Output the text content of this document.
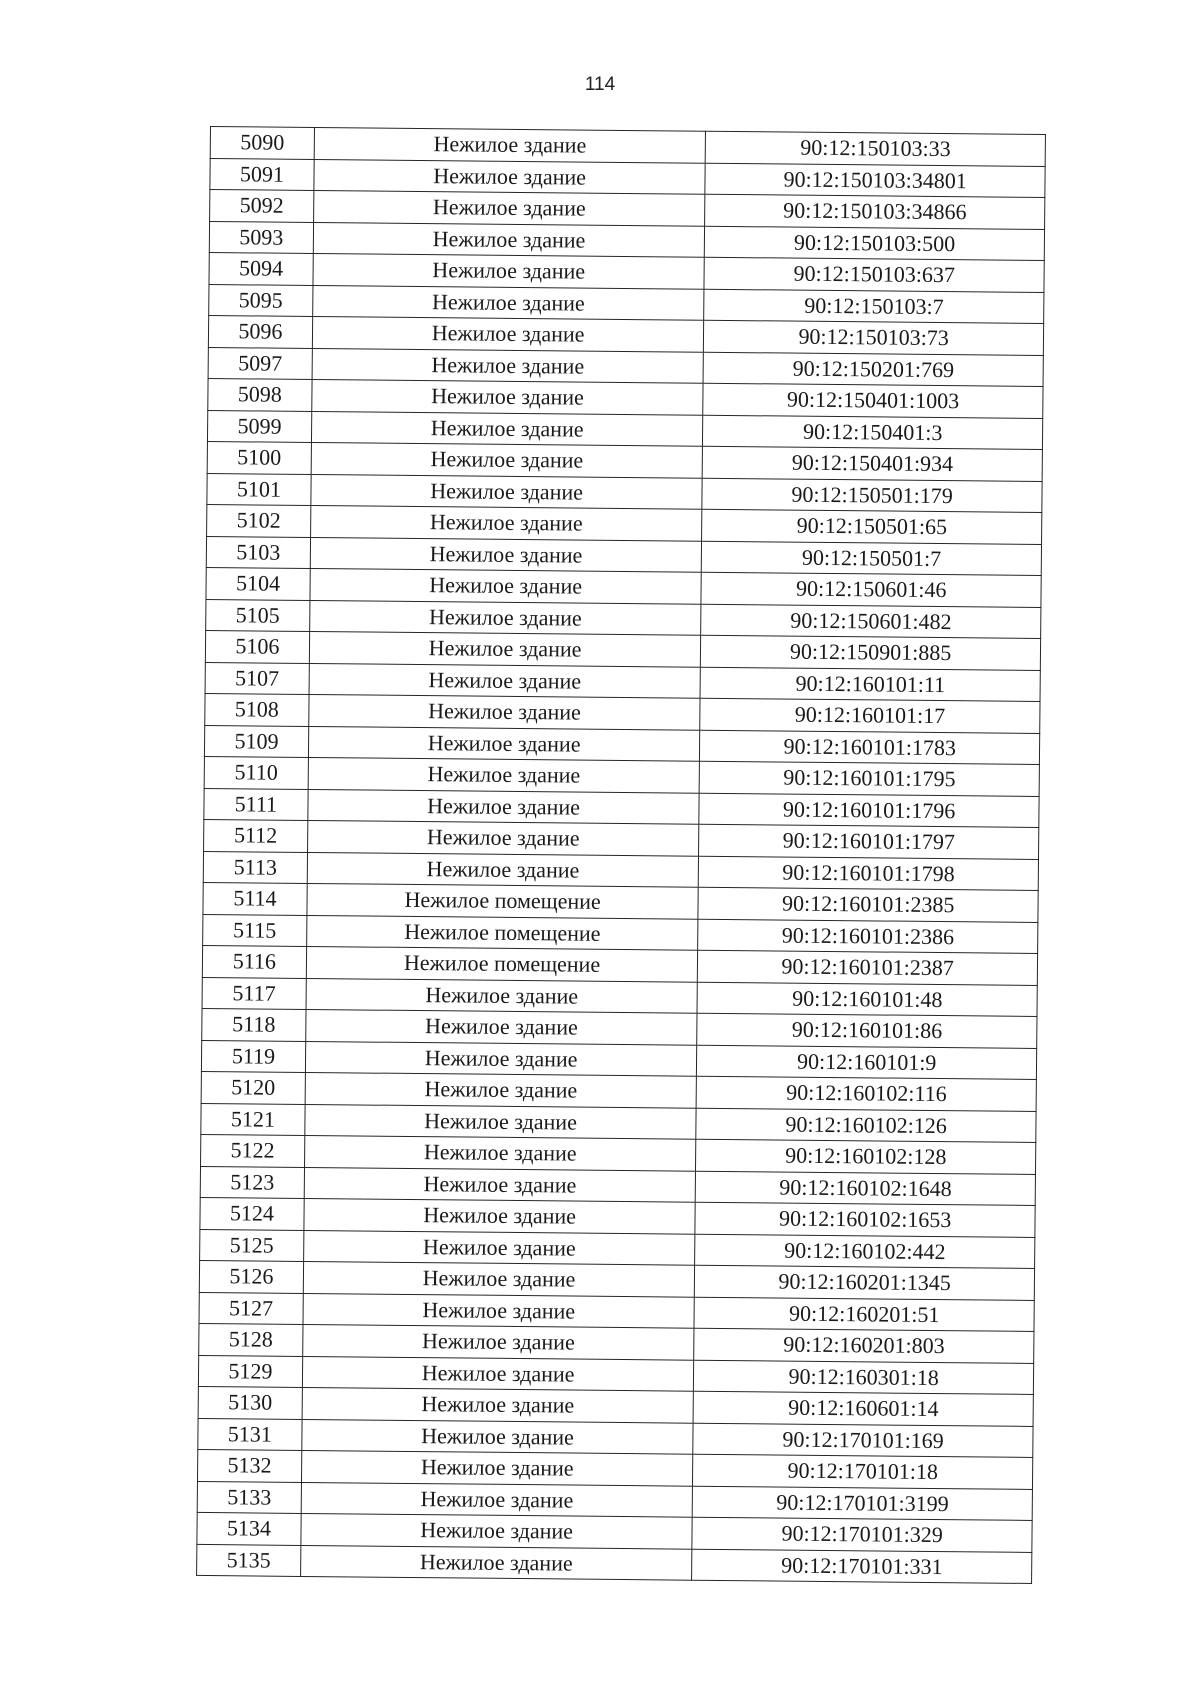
114
5090	Нежилое здание	90:12:150103:33
5091	Нежилое здание	90:12:150103:34801
5092	Нежилое здание	90:12:150103:34866
5093	Нежилое здание	90:12:150103:500
5094	Нежилое здание	90:12:150103:637
5095	Нежилое здание	90:12:150103:7
5096	Нежилое здание	90:12:150103:73
5097	Нежилое здание	90:12:150201:769
5098	Нежилое здание	90:12:150401:1003
5099	Нежилое здание	90:12:150401:3
5100	Нежилое здание	90:12:150401:934
5101	Нежилое здание	90:12:150501:179
5102	Нежилое здание	90:12:150501:65
5103	Нежилое здание	90:12:150501:7
5104	Нежилое здание	90:12:150601:46
5105	Нежилое здание	90:12:150601:482
5106	Нежилое здание	90:12:150901:885
5107	Нежилое здание	90:12:160101:11
5108	Нежилое здание	90:12:160101:17
5109	Нежилое здание	90:12:160101:1783
5110	Нежилое здание	90:12:160101:1795
5111	Нежилое здание	90:12:160101:1796
5112	Нежилое здание	90:12:160101:1797
5113	Нежилое здание	90:12:160101:1798
5114	Нежилое помещение	90:12:160101:2385
5115	Нежилое помещение	90:12:160101:2386
5116	Нежилое помещение	90:12:160101:2387
5117	Нежилое здание	90:12:160101:48
5118	Нежилое здание	90:12:160101:86
5119	Нежилое здание	90:12:160101:9
5120	Нежилое здание	90:12:160102:116
5121	Нежилое здание	90:12:160102:126
5122	Нежилое здание	90:12:160102:128
5123	Нежилое здание	90:12:160102:1648
5124	Нежилое здание	90:12:160102:1653
5125	Нежилое здание	90:12:160102:442
5126	Нежилое здание	90:12:160201:1345
5127	Нежилое здание	90:12:160201:51
5128	Нежилое здание	90:12:160201:803
5129	Нежилое здание	90:12:160301:18
5130	Нежилое здание	90:12:160601:14
5131	Нежилое здание	90:12:170101:169
5132	Нежилое здание	90:12:170101:18
5133	Нежилое здание	90:12:170101:3199
5134	Нежилое здание	90:12:170101:329
5135	Нежилое здание	90:12:170101:331
